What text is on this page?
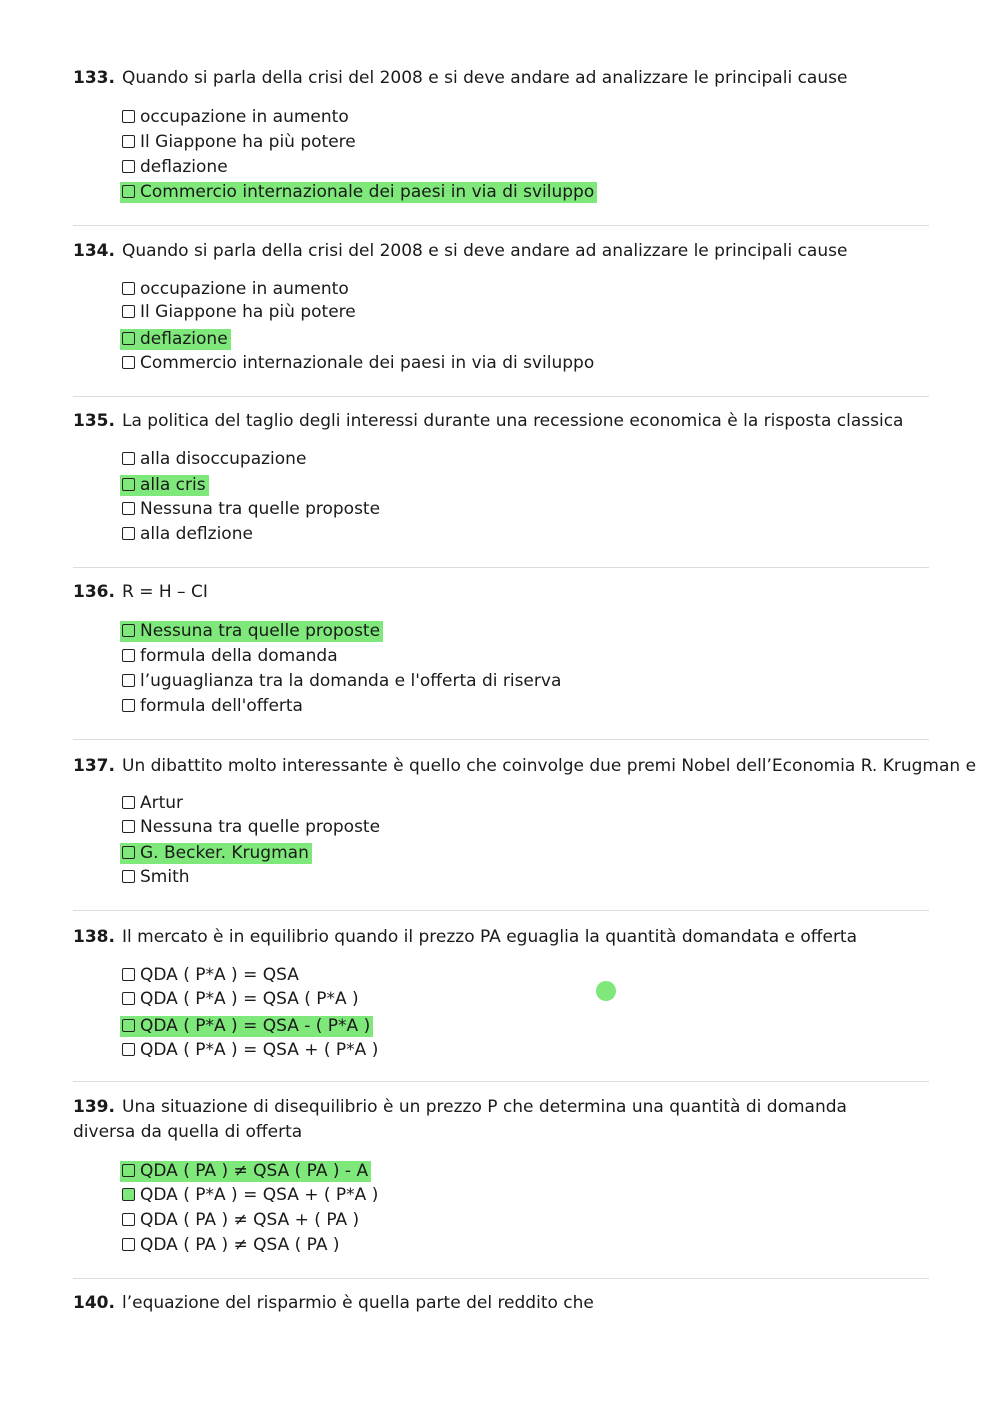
133. Quando si parla della crisi del 2008 e si deve andare ad analizzare le principali cause
occupazione in aumento
Il Giappone ha più potere
deflazione
Commercio internazionale dei paesi in via di sviluppo
134. Quando si parla della crisi del 2008 e si deve andare ad analizzare le principali cause
occupazione in aumento
Il Giappone ha più potere
deflazione
Commercio internazionale dei paesi in via di sviluppo
135. La politica del taglio degli interessi durante una recessione economica è la risposta classica
alla disoccupazione
alla cris
Nessuna tra quelle proposte
alla deflzione
136. R = H – CI
Nessuna tra quelle proposte
formula della domanda
l’uguaglianza tra la domanda e l'offerta di riserva
formula dell'offerta
137. Un dibattito molto interessante è quello che coinvolge due premi Nobel dell’Economia R. Krugman e
Artur
Nessuna tra quelle proposte
G. Becker. Krugman
Smith
138. Il mercato è in equilibrio quando il prezzo PA eguaglia la quantità domandata e offerta
QDA ( P*A ) = QSA
QDA ( P*A ) = QSA ( P*A )
QDA ( P*A ) = QSA - ( P*A )
QDA ( P*A ) = QSA + ( P*A )
139. Una situazione di disequilibrio è un prezzo P che determina una quantità di domanda diversa da quella di offerta
QDA ( PA ) ≠ QSA ( PA ) - A
QDA ( P*A ) = QSA + ( P*A )
QDA ( PA ) ≠ QSA + ( PA )
QDA ( PA ) ≠ QSA ( PA )
140. l’equazione del risparmio è quella parte del reddito che
